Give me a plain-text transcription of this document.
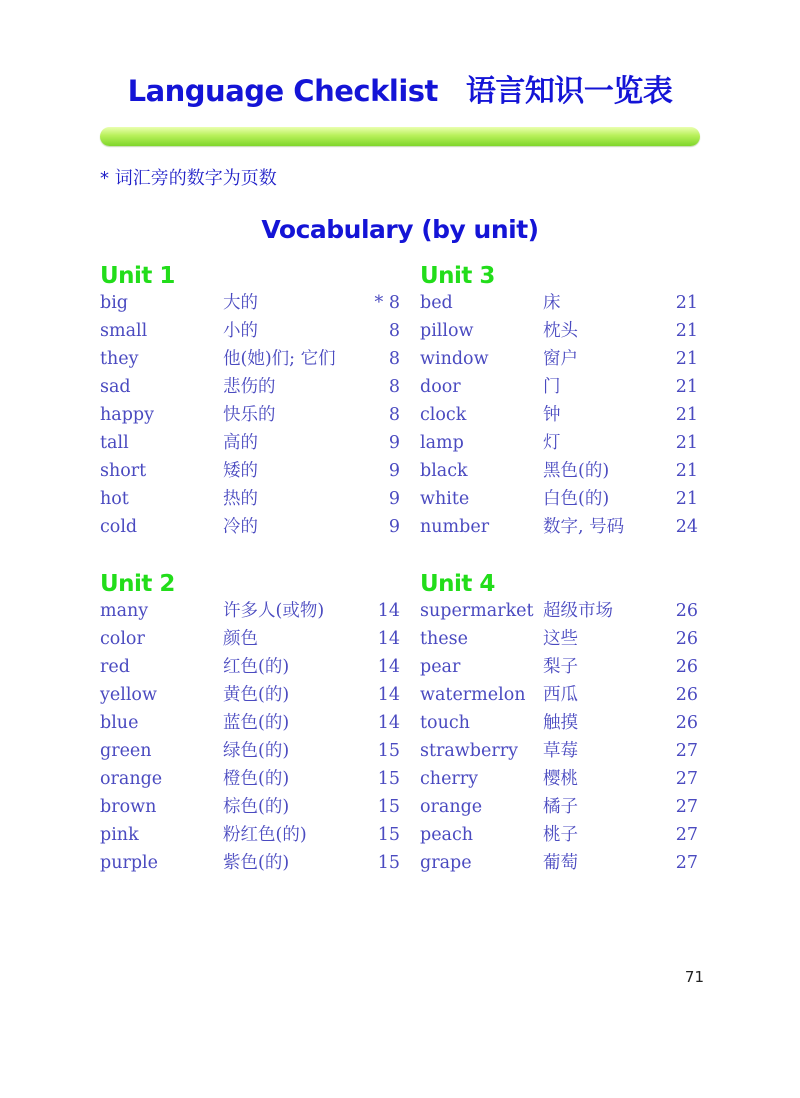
Language Checklist 语言知识一览表
* 词汇旁的数字为页数
Vocabulary (by unit)
Unit 1
big	大的	* 8
small	小的	8
they	他(她)们; 它们	8
sad	悲伤的	8
happy	快乐的	8
tall	高的	9
short	矮的	9
hot	热的	9
cold	冷的	9
Unit 3
bed	床	21
pillow	枕头	21
window	窗户	21
door	门	21
clock	钟	21
lamp	灯	21
black	黑色(的)	21
white	白色(的)	21
number	数字, 号码	24
Unit 2
many	许多人(或物)	14
color	颜色	14
red	红色(的)	14
yellow	黄色(的)	14
blue	蓝色(的)	14
green	绿色(的)	15
orange	橙色(的)	15
brown	棕色(的)	15
pink	粉红色(的)	15
purple	紫色(的)	15
Unit 4
supermarket 超级市场	26
these	这些	26
pear	梨子	26
watermelon 西瓜	26
touch	触摸	26
strawberry 草莓	27
cherry	樱桃	27
orange	橘子	27
peach	桃子	27
grape	葡萄	27
71
